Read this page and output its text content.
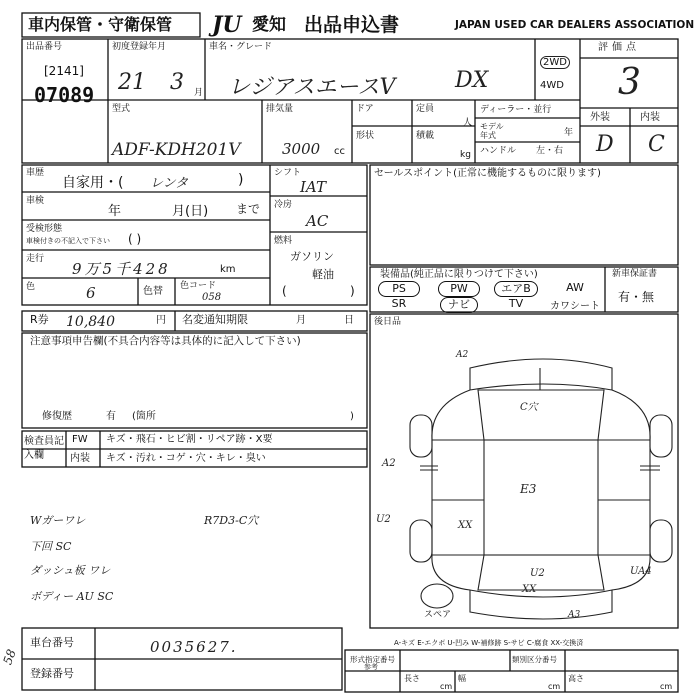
車内保管・守衛保管 JU 愛知 出品申込書	JAPAN USED CAR DEALERS ASSOCIATION
出品番号
[2141]
07089
初度登録年月
21 3 月
車名・グレード
レジアスエースV	DX
2WD
4WD
評価点
3
外装	内装
D C
型式
ADF-KDH201V
排気量
3000 cc
ドア
形状
定員
人
積載
kg
ディーラー・並行
モデル年式	年
ハンドル 左・右
車歴
自家用・( レンタ	)
車検
年	月(日) まで
受検形態
車検付きの不記入で下さい ( )
走行
9万5千428	km
色	6	色替 色コード
058
シフト
IAT
冷房
AC
燃料
ガソリン
軽油
(	)
セールスポイント(正常に機能するものに限ります)
装備品(純正品に限りつけて下さい)
PS	PW	エアB	AW
SR	ナビ	TV	カワシート
新車保証書
有・無
R券 10,840	円 名変通知期限	月	日
注意事項申告欄(不具合内容等は具体的に記入して下さい)
修復歴	有 (箇所	)
後日品
検査員記入欄
FW キズ・飛石・ヒビ割・リペア跡・X要
内装 キズ・汚れ・コゲ・穴・キレ・臭い
Wガーワレ
下回 SC
ダッシュ板 ワレ
ボディー AU SC
R7D3-C穴
A2
C穴
A2
U2
XX
E3
U2
XX
UA4
A3
スペア
A-キズ E-エクボ U-凹み W-補修跡 S-サビ C-腐食 XX-交換済
車台番号	0035627.
登録番号
形式指定番号
参考
類別区分番号
長さ
cm
幅
cm
高さ
cm
58
